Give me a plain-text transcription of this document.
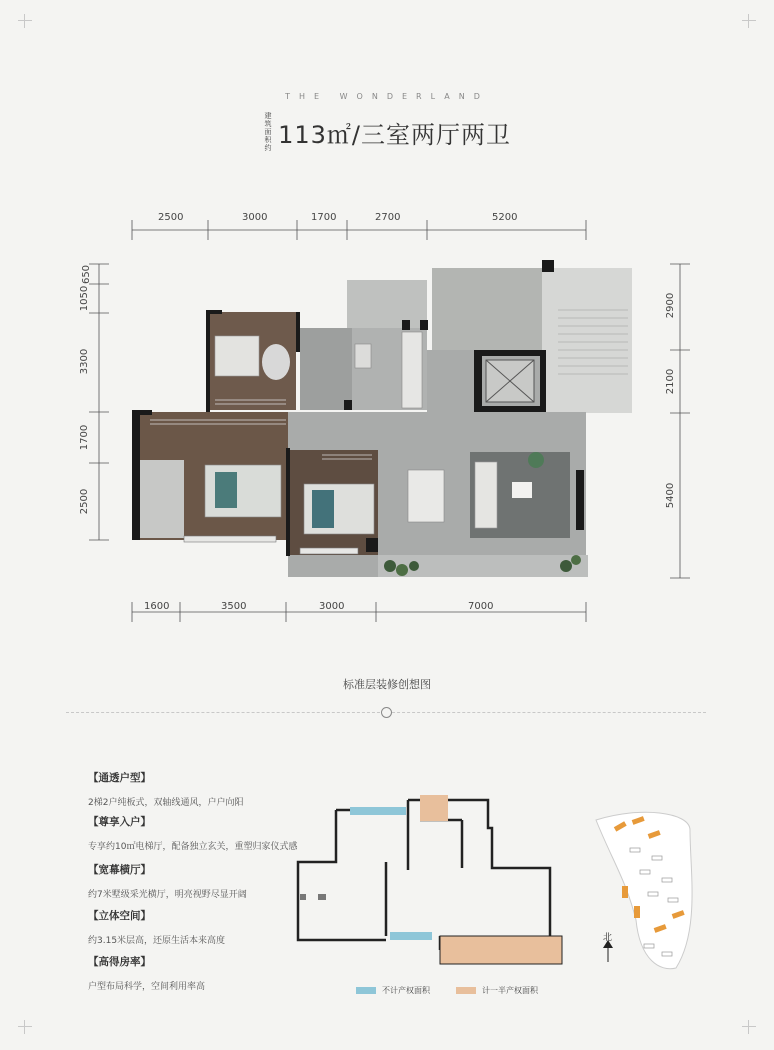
THE WONDERLAND
建筑面积约 113㎡/三室两厅两卫
2500	3000	1700	2700	5200
1600	3500	3000	7000
1050
650
3300
1700
2500
2900
2100
5400
标准层装修创想图
【通透户型】
2梯2户纯板式，双轴线通风，户户向阳
【尊享入户】
专享约10㎡电梯厅，配备独立玄关，重塑归家仪式感
【宽幕横厅】
约7米墅级采光横厅，明亮视野尽显开阔
【立体空间】
约3.15米层高，还原生活本来高度
【高得房率】
户型布局科学，空间利用率高
北
不计产权面积	计一半产权面积
